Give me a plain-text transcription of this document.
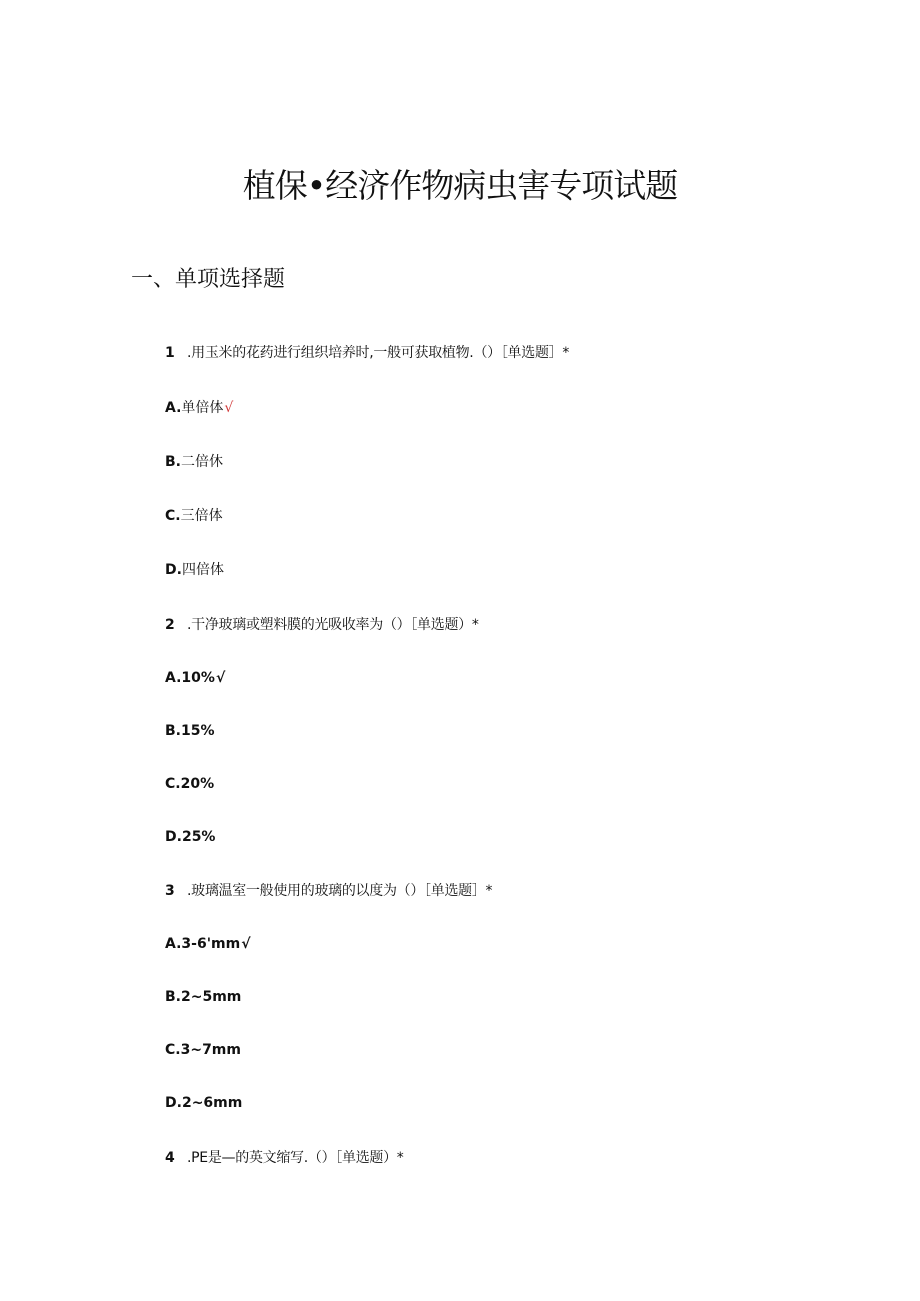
植保•经济作物病虫害专项试题
一、单项选择题
1 .用玉米的花药进行组织培养时,一般可获取植物.（）［单选题］*
A.单倍体√
B.二倍休
C.三倍体
D.四倍体
2 .干净玻璃或塑料膜的光吸收率为（）［单选题）*
A.10%√
B.15%
C.20%
D.25%
3 .玻璃温室一般使用的玻璃的以度为（）［单选题］*
A.3-6'mm√
B.2~5mm
C.3~7mm
D.2~6mm
4 .PE是—的英文缩写.（）［单选题）*
